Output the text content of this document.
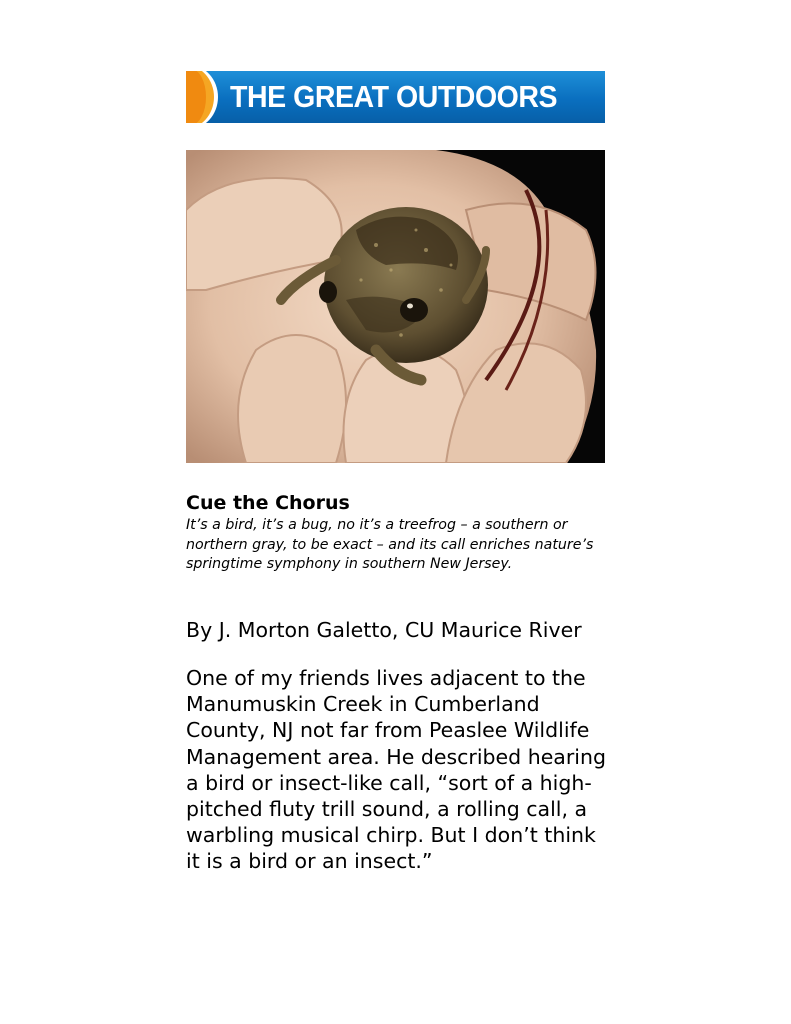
THE GREAT OUTDOORS
Cue the Chorus

It’s a bird, it’s a bug, no it’s a treefrog – a southern or northern gray, to be exact – and its call enriches nature’s springtime symphony in southern New Jersey.

By J. Morton Galetto, CU Maurice River

One of my friends lives adjacent to the Manumuskin Creek in Cumberland County, NJ not far from Peaslee Wildlife Management area. He described hearing a bird or insect-like call, “sort of a high-pitched fluty trill sound, a rolling call, a warbling musical chirp. But I don’t think it is a bird or an insect.”
